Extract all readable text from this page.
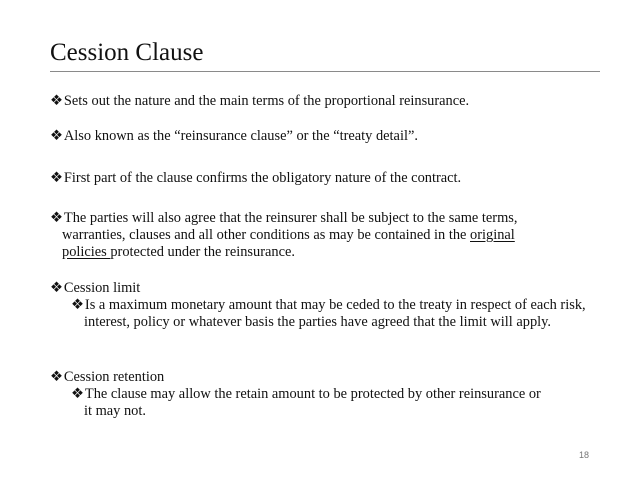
Cession Clause
❖Sets out the nature and the main terms of the proportional reinsurance.
❖Also known as the “reinsurance clause” or the “treaty detail”.
❖First part of the clause confirms the obligatory nature of the contract.
❖The parties will also agree that the reinsurer shall be subject to the same terms,
warranties, clauses and all other conditions as may be contained in the original
policies protected under the reinsurance.
❖Cession limit
❖Is a maximum monetary amount that may be ceded to the treaty in respect of each risk, interest, policy or whatever basis the parties have agreed that the limit will apply.
❖Cession retention
❖The clause may allow the retain amount to be protected by other reinsurance or it may not.
18
